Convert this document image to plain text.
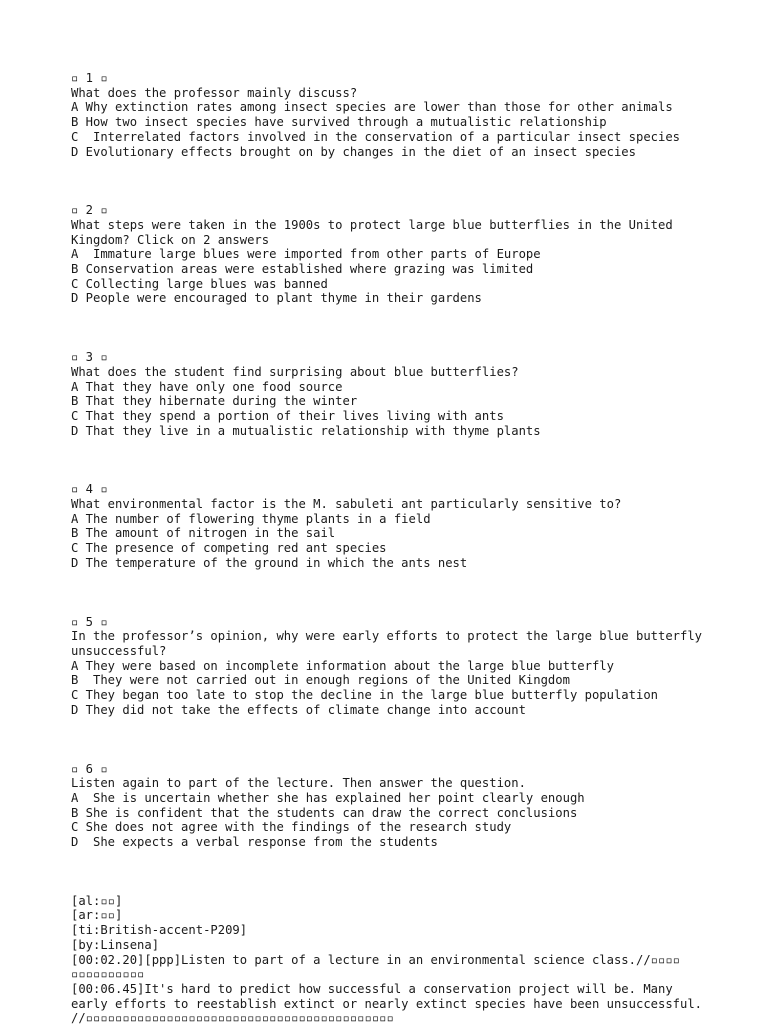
▫ 1 ▫
What does the professor mainly discuss?
A Why extinction rates among insect species are lower than those for other animals
B How two insect species have survived through a mutualistic relationship
C  Interrelated factors involved in the conservation of a particular insect species
D Evolutionary effects brought on by changes in the diet of an insect species
▫ 2 ▫
What steps were taken in the 1900s to protect large blue butterflies in the United Kingdom? Click on 2 answers
A  Immature large blues were imported from other parts of Europe
B Conservation areas were established where grazing was limited
C Collecting large blues was banned
D People were encouraged to plant thyme in their gardens
▫ 3 ▫
What does the student find surprising about blue butterflies?
A That they have only one food source
B That they hibernate during the winter
C That they spend a portion of their lives living with ants
D That they live in a mutualistic relationship with thyme plants
▫ 4 ▫
What environmental factor is the M. sabuleti ant particularly sensitive to?
A The number of flowering thyme plants in a field
B The amount of nitrogen in the sail
C The presence of competing red ant species
D The temperature of the ground in which the ants nest
▫ 5 ▫
In the professor’s opinion, why were early efforts to protect the large blue butterfly unsuccessful?
A They were based on incomplete information about the large blue butterfly
B  They were not carried out in enough regions of the United Kingdom
C They began too late to stop the decline in the large blue butterfly population
D They did not take the effects of climate change into account
▫ 6 ▫
Listen again to part of the lecture. Then answer the question.
A  She is uncertain whether she has explained her point clearly enough
B She is confident that the students can draw the correct conclusions
C She does not agree with the findings of the research study
D  She expects a verbal response from the students
[al:▫▫]
[ar:▫▫]
[ti:British-accent-P209]
[by:Linsena]
[00:02.20][ppp]Listen to part of a lecture in an environmental science class.//▫▫▫▫ ▫▫▫▫▫▫▫▫▫▫
[00:06.45]It's hard to predict how successful a conservation project will be. Many early efforts to reestablish extinct or nearly extinct species have been unsuccessful. //▫▫▫▫▫▫▫▫▫▫▫▫▫▫▫▫▫▫▫▫▫▫▫▫▫▫▫▫▫▫▫▫▫▫▫▫▫▫▫▫▫▫
